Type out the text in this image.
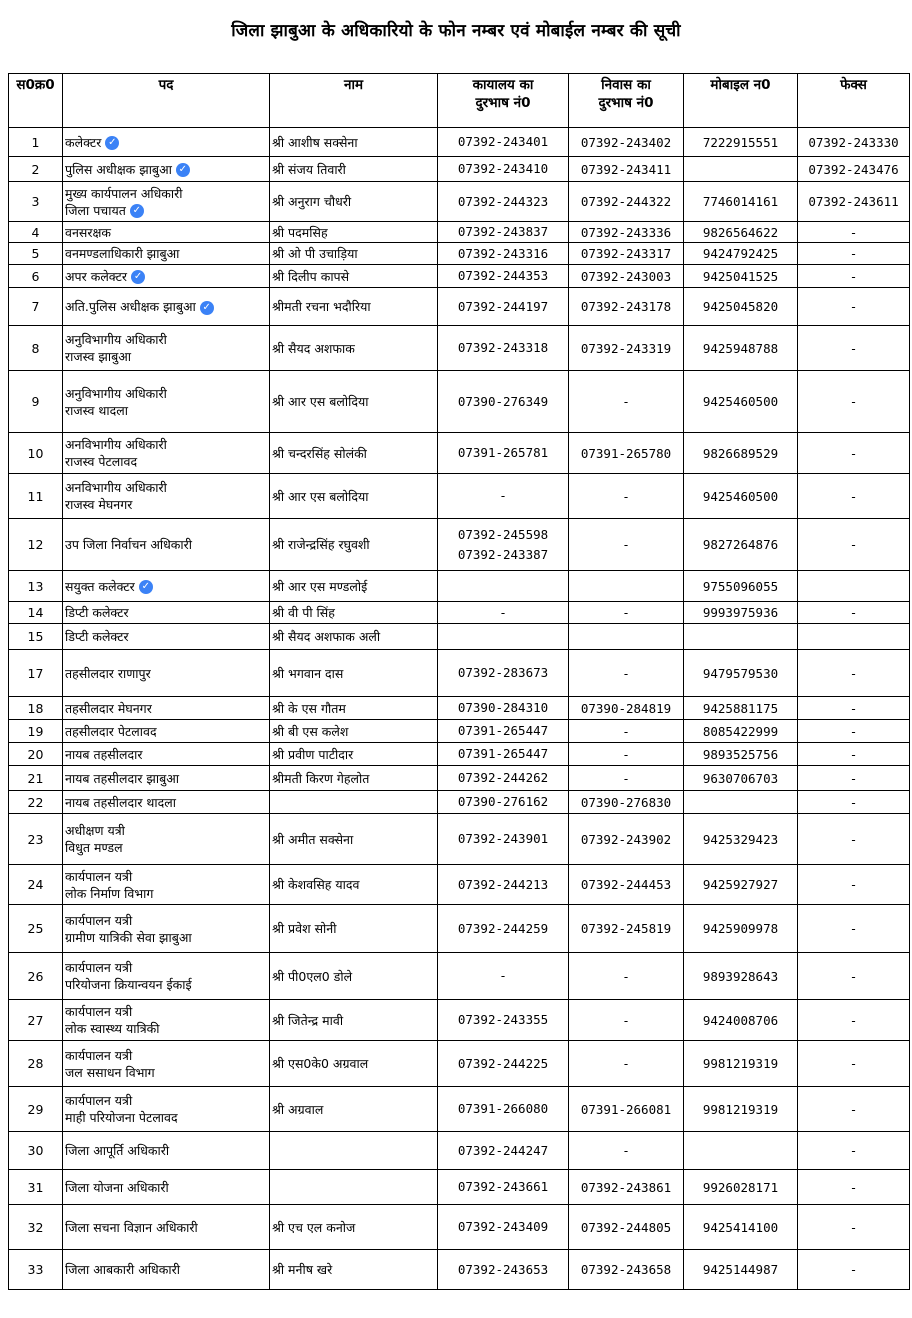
जिला झाबुआ के अधिकारियो के फोन नम्बर एवं मोबाईल नम्बर की सूची
स0क्र0	पद	नाम	कायालय का
दुरभाष नं0	निवास का
दुरभाष नं0	मोबाइल न0	फेक्स
1	कलेक्टर ✓	श्री आशीष सक्सेना	07392-243401	07392-243402	7222915551	07392-243330
2	पुलिस अधीक्षक झाबुआ ✓	श्री संजय तिवारी	07392-243410	07392-243411		07392-243476
3	मुख्य कार्यपालन अधिकारी
जिला पचायत ✓	श्री अनुराग चौधरी	07392-244323	07392-244322	7746014161	07392-243611
4	वनसरक्षक	श्री पदमसिह	07392-243837	07392-243336	9826564622	-
5	वनमण्डलाधिकारी झाबुआ	श्री ओ पी उचाड़िया	07392-243316	07392-243317	9424792425	-
6	अपर कलेक्टर ✓	श्री दिलीप कापसे	07392-244353	07392-243003	9425041525	-
7	अति.पुलिस अधीक्षक झाबुआ ✓	श्रीमती रचना भदौरिया	07392-244197	07392-243178	9425045820	-
8	अनुविभागीय अधिकारी
राजस्व झाबुआ	श्री सैयद अशफाक	07392-243318	07392-243319	9425948788	-
9	अनुविभागीय अधिकारी
राजस्व थादला	श्री आर एस बलोदिया	07390-276349	-	9425460500	-
10	अनविभागीय अधिकारी
राजस्व पेटलावद	श्री चन्दरसिंह सोलंकी	07391-265781	07391-265780	9826689529	-
11	अनविभागीय अधिकारी
राजस्व मेघनगर	श्री आर एस बलोदिया	-	-	9425460500	-
12	उप जिला निर्वाचन अधिकारी	श्री राजेन्द्रसिंह रघुवशी	07392-245598
07392-243387	-	9827264876	-
13	सयुक्त कलेक्टर ✓	श्री आर एस मण्डलोई			9755096055	
14	डिप्टी कलेक्टर	श्री वी पी सिंह	-	-	9993975936	-
15	डिप्टी कलेक्टर	श्री सैयद अशफाक अली	

17	तहसीलदार राणापुर	श्री भगवान दास	07392-283673	-	9479579530	-
18	तहसीलदार मेघनगर	श्री के एस गौतम	07390-284310	07390-284819	9425881175	-
19	तहसीलदार पेटलावद	श्री बी एस कलेश	07391-265447	-	8085422999	-
20	नायब तहसीलदार	श्री प्रवीण पाटीदार	07391-265447	-	9893525756	-
21	नायब तहसीलदार झाबुआ	श्रीमती किरण गेहलोत	07392-244262	-	9630706703	-
22	नायब तहसीलदार थादला		07390-276162	07390-276830		-
23	अधीक्षण यत्री
विधुत मण्डल	श्री अमीत सक्सेना	07392-243901	07392-243902	9425329423	-
24	कार्यपालन यत्री
लोक निर्माण विभाग	श्री केशवसिह यादव	07392-244213	07392-244453	9425927927	-
25	कार्यपालन यत्री
ग्रामीण यात्रिकी सेवा झाबुआ	श्री प्रवेश सोनी	07392-244259	07392-245819	9425909978	-
26	कार्यपालन यत्री
परियोजना क्रियान्वयन ईकाई	श्री पी0एल0 डोले	-	-	9893928643	-
27	कार्यपालन यत्री
लोक स्वास्थ्य यात्रिकी	श्री जितेन्द्र मावी	07392-243355	-	9424008706	-
28	कार्यपालन यत्री
जल ससाधन विभाग	श्री एस0के0 अग्रवाल	07392-244225	-	9981219319	-
29	कार्यपालन यत्री
माही परियोजना पेटलावद	श्री अग्रवाल	07391-266080	07391-266081	9981219319	-
30	जिला आपूर्ति अधिकारी		07392-244247	-		-
31	जिला योजना अधिकारी		07392-243661	07392-243861	9926028171	-
32	जिला सचना विज्ञान अधिकारी	श्री एच एल कनोज	07392-243409	07392-244805	9425414100	-
33	जिला आबकारी अधिकारी	श्री मनीष खरे	07392-243653	07392-243658	9425144987	-
